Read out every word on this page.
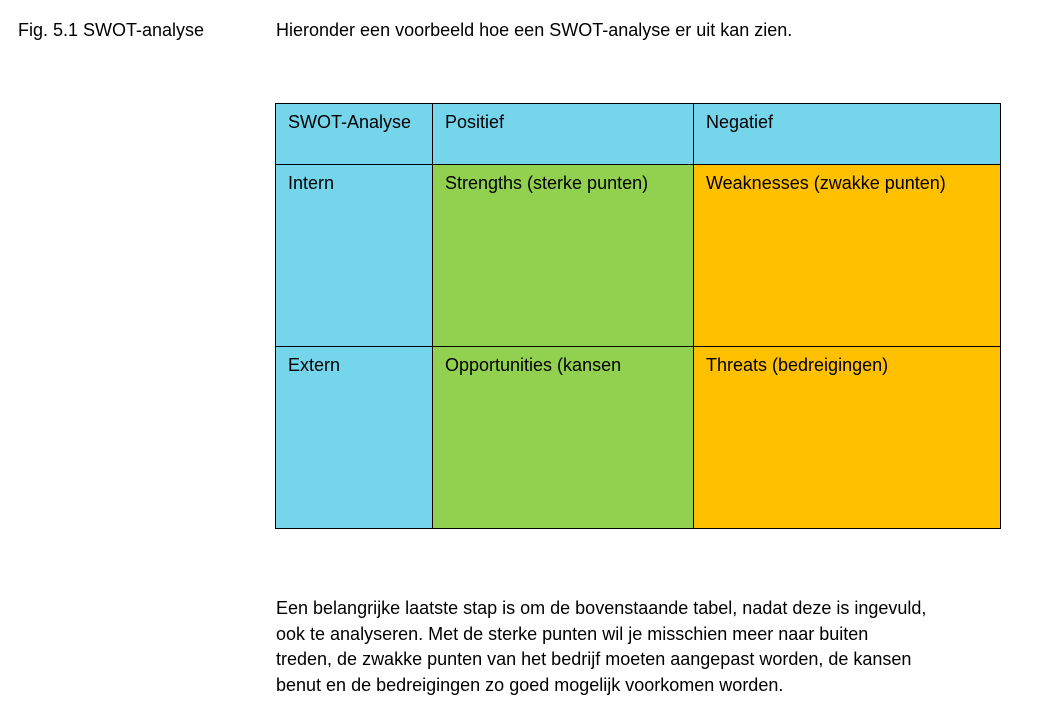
Fig. 5.1 SWOT-analyse	Hieronder een voorbeeld hoe een SWOT-analyse er uit kan zien.
SWOT-Analyse	Positief	Negatief
Intern	Strengths (sterke punten)	Weaknesses (zwakke punten)
Extern	Opportunities (kansen	Threats (bedreigingen)

Een belangrijke laatste stap is om de bovenstaande tabel, nadat deze is ingevuld,
ook te analyseren. Met de sterke punten wil je misschien meer naar buiten
treden, de zwakke punten van het bedrijf moeten aangepast worden, de kansen
benut en de bedreigingen zo goed mogelijk voorkomen worden.
